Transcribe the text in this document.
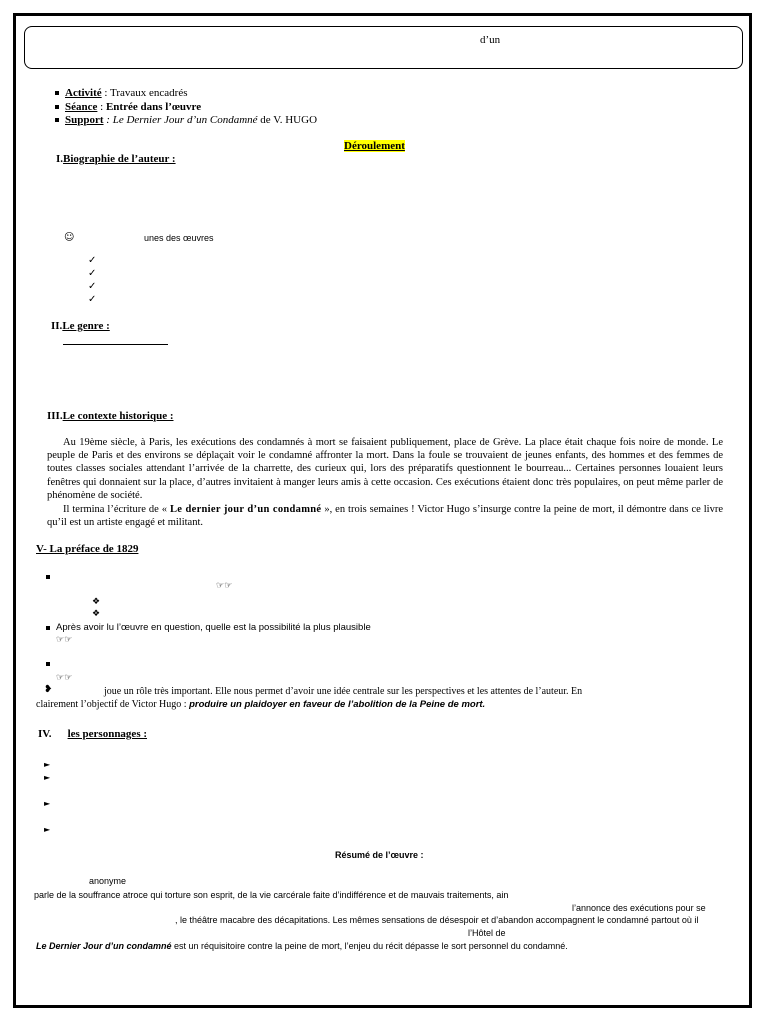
d’un
Activité : Travaux encadrés
Séance : Entrée dans l’œuvre
Support : Le Dernier Jour d’un Condamné de V. HUGO
Déroulement
I.Biographie de l’auteur :
☺	unes des œuvres
✓
✓
✓
✓
II.Le genre :
III.Le contexte historique :
Au 19ème siècle, à Paris, les exécutions des condamnés à mort se faisaient publiquement, place de Grève. La place était chaque fois noire de monde. Le peuple de Paris et des environs se déplaçait voir le condamné affronter la mort. Dans la foule se trouvaient de jeunes enfants, des hommes et des femmes de toutes classes sociales attendant l’arrivée de la charrette, des curieux qui, lors des préparatifs questionnent le bourreau... Certaines personnes louaient leurs fenêtres qui donnaient sur la place, d’autres invitaient à manger leurs amis à cette occasion. Ces exécutions étaient donc très populaires, on peut même parler de phénomène de société.
Il termina l’écriture de « Le dernier jour d’un condamné », en trois semaines ! Victor Hugo s’insurge contre la peine de mort, il démontre dans ce livre qu’il est un artiste engagé et militant.
V- La préface de 1829
☞☞
❖
❖
Après avoir lu l’œuvre en question, quelle est la possibilité la plus plausible
☞☞
☞☞
❥	joue un rôle très important. Elle nous permet d’avoir une idée centrale sur les perspectives et les attentes de l’auteur. En
clairement l’objectif de Victor Hugo : produire un plaidoyer en faveur de l’abolition de la Peine de mort.
IV. les personnages :
►
►
►
►
Résumé de l’œuvre :
anonyme
parle de la souffrance atroce qui torture son esprit, de la vie carcérale faite d’indifférence et de mauvais traitements, ain
l’annonce des exécutions pour se
, le théâtre macabre des décapitations. Les mêmes sensations de désespoir et d’abandon accompagnent le condamné partout où il
l’Hôtel de
Le Dernier Jour d’un condamné est un réquisitoire contre la peine de mort, l’enjeu du récit dépasse le sort personnel du condamné.
